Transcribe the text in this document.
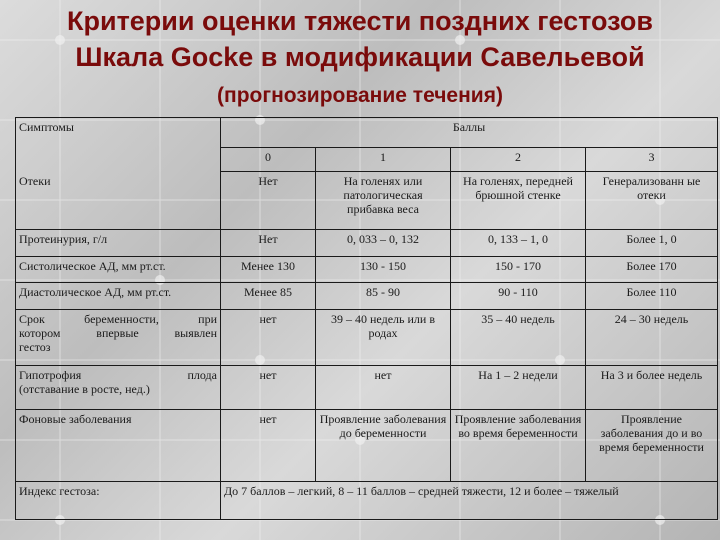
Критерии оценки тяжести поздних гестозов
Шкала Gocke в модификации Савельевой
(прогнозирование течения)
Симптомы	Баллы			
	0	1	2	3
Отеки	Нет	На голенях или патологическая прибавка веса	На голенях, передней брюшной стенке	Генерализованн ые отеки
Протеинурия, г/л	Нет	0, 033 – 0, 132	0, 133 – 1, 0	Более 1, 0
Систолическое АД, мм рт.ст.	Менее 130	130 - 150	150 - 170	Более 170
Диастолическое АД, мм рт.ст.	Менее 85	85 - 90	90 - 110	Более 110

Срок беременности, при
котором впервые выявлен
гестоз	нет	39 – 40 недель или в родах	35 – 40 недель	24 – 30 недель

Гипотрофия плода
(отставание в росте, нед.)	нет	нет	На 1 – 2 недели	На 3 и более недель
Фоновые заболевания	нет	Проявление заболевания до беременности	Проявление заболевания во время беременности	Проявление заболевания до и во время беременности
Индекс гестоза:	До 7 баллов – легкий, 8 – 11 баллов – средней тяжести, 12 и более – тяжелый			
